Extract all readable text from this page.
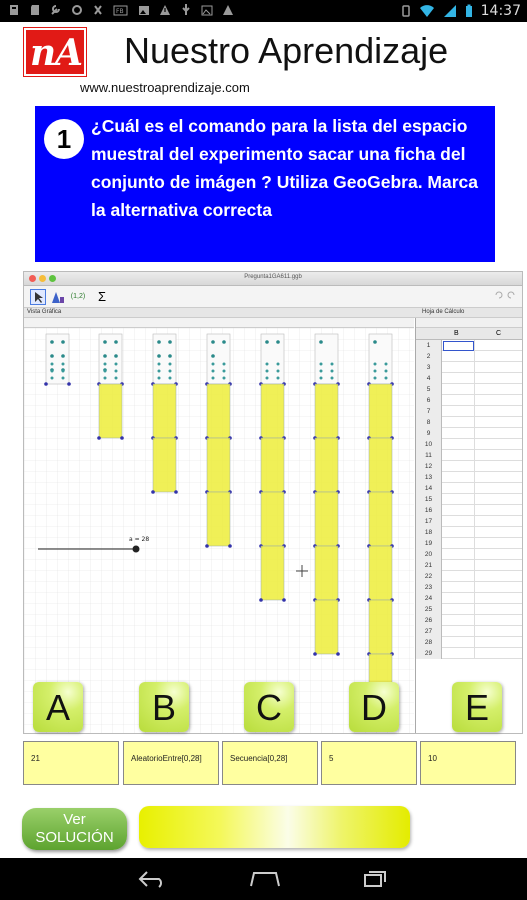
FB	14:37
nA Nuestro Aprendizaje
www.nuestroaprendizaje.com
1	¿Cuál es el comando para la lista del espacio muestral del experimento sacar una ficha del conjunto de imágen ? Utiliza GeoGebra. Marca la alternativa correcta
Pregunta1GA611.ggb
(1,2) Σ
Vista Gráfica	Hoja de Cálculo
a = 28
B	C
1
2
3
4
5
6
7
8
9
10
11
12
13
14
15
16
17
18
19
20
21
22
23
24
25
26
27
28
29
A	B	C	D	E
21	AleatorioEntre[0,28]	Secuencia[0,28]	5	10
Ver
SOLUCIÓN
